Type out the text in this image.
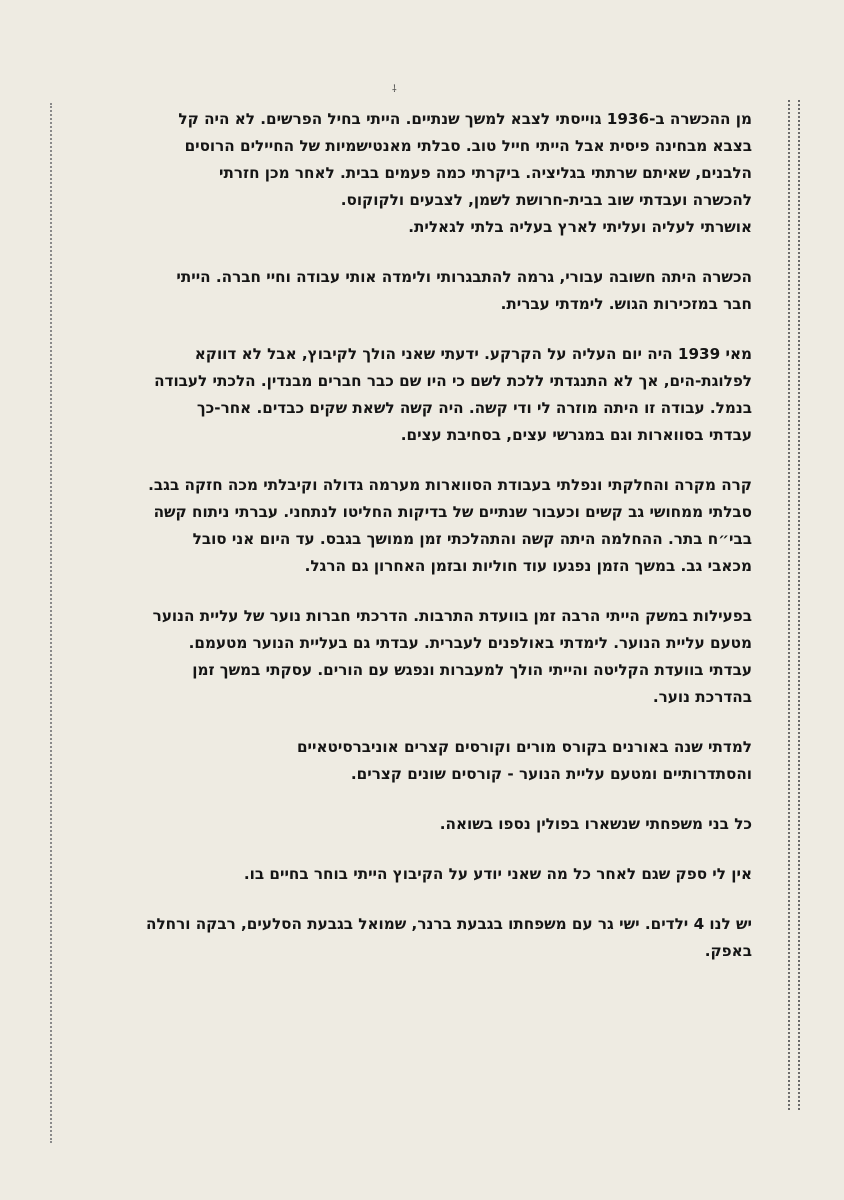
⸸

מן ההכשרה ב-1936 גוייסתי לצבא למשך שנתיים. הייתי בחיל הפרשים. לא היה קל
בצבא מבחינה פיסית אבל הייתי חייל טוב. סבלתי מאנטישמיות של החיילים הרוסים
הלבנים, שאיתם שרתתי בגליציה. ביקרתי כמה פעמים בבית. לאחר מכן חזרתי
להכשרה ועבדתי שוב בבית-חרושת לשמן, לצבעים ולקוקוס.
אושרתי לעליה ועליתי לארץ בעליה בלתי לגאלית.

הכשרה היתה חשובה עבורי, גרמה להתבגרותי ולימדה אותי עבודה וחיי חברה. הייתי
חבר במזכירות הגוש. לימדתי עברית.

מאי 1939 היה יום העליה על הקרקע. ידעתי שאני הולך לקיבוץ, אבל לא דווקא
לפלוגת-הים, אך לא התנגדתי ללכת לשם כי היו שם כבר חברים מבנדין. הלכתי לעבודה
בנמל. עבודה זו היתה מוזרה לי ודי קשה. היה קשה לשאת שקים כבדים. אחר-כך
עבדתי בסווארות וגם במגרשי עצים, בסחיבת עצים.

קרה מקרה והחלקתי ונפלתי בעבודת הסווארות מערמה גדולה וקיבלתי מכה חזקה בגב.
סבלתי ממחושי גב קשים וכעבור שנתיים של בדיקות החליטו לנתחני. עברתי ניתוח קשה
בבי״ח בתר. ההחלמה היתה קשה והתהלכתי זמן ממושך בגבס. עד היום אני סובל
מכאבי גב. במשך הזמן נפגעו עוד חוליות ובזמן האחרון גם הרגל.

בפעילות במשק הייתי הרבה זמן בוועדת התרבות. הדרכתי חברות נוער של עליית הנוער
מטעם עליית הנוער. לימדתי באולפנים לעברית. עבדתי גם בעליית הנוער מטעמם.
עבדתי בוועדת הקליטה והייתי הולך למעברות ונפגש עם הורים. עסקתי במשך זמן
בהדרכת נוער.

למדתי שנה באורנים בקורס מורים וקורסים קצרים אוניברסיטאיים
והסתדרותיים ומטעם עליית הנוער - קורסים שונים קצרים.

כל בני משפחתי שנשארו בפולין נספו בשואה.

אין לי ספק שגם לאחר כל מה שאני יודע על הקיבוץ הייתי בוחר בחיים בו.

יש לנו 4 ילדים. ישי גר עם משפחתו בגבעת ברנר, שמואל בגבעת הסלעים, רבקה ורחלה
באפק.
